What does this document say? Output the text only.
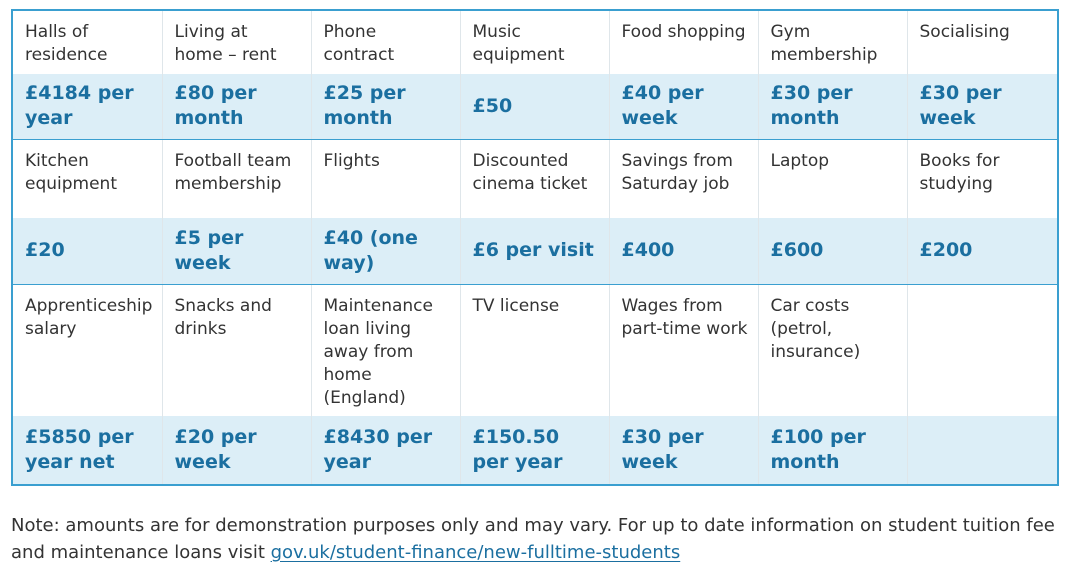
Halls of residence	Living at home – rent	Phone contract	Music equipment	Food shopping	Gym membership	Socialising
£4184 per year	£80 per month	£25 per month	£50	£40 per week	£30 per month	£30 per week
Kitchen equipment	Football team membership	Flights	Discounted cinema ticket	Savings from Saturday job	Laptop	Books for studying
£20	£5 per week	£40 (one way)	£6 per visit	£400	£600	£200
Apprenticeship salary	Snacks and drinks	Maintenance loan living away from home (England)	TV license	Wages from part-time work	Car costs (petrol, insurance)	
£5850 per year net	£20 per week	£8430 per year	£150.50 per year	£30 per week	£100 per month	

Note: amounts are for demonstration purposes only and may vary. For up to date information on student tuition fee and maintenance loans visit gov.uk/student-finance/new-fulltime-students
